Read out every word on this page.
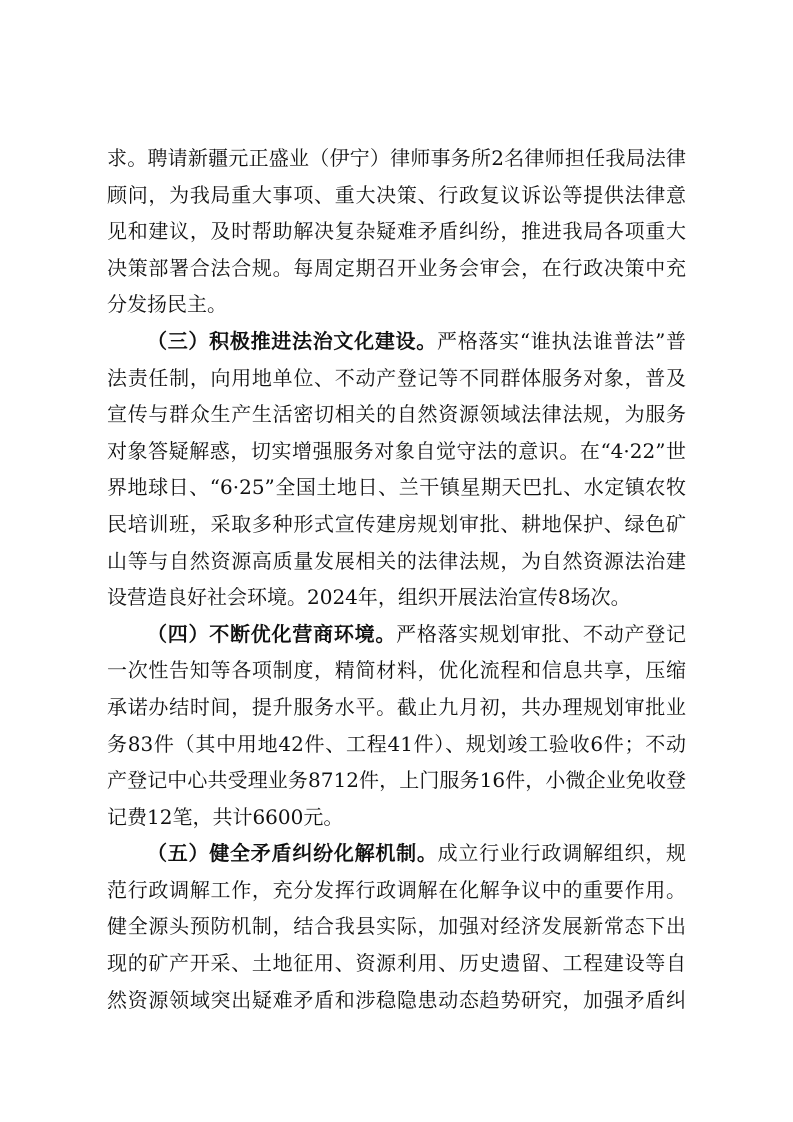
求。聘请新疆元正盛业（伊宁）律师事务所2名律师担任我局法律顾问，为我局重大事项、重大决策、行政复议诉讼等提供法律意见和建议，及时帮助解决复杂疑难矛盾纠纷，推进我局各项重大决策部署合法合规。每周定期召开业务会审会，在行政决策中充分发扬民主。

（三）积极推进法治文化建设。严格落实“谁执法谁普法”普法责任制，向用地单位、不动产登记等不同群体服务对象，普及宣传与群众生产生活密切相关的自然资源领域法律法规，为服务对象答疑解惑，切实增强服务对象自觉守法的意识。在“4·22”世界地球日、“6·25”全国土地日、兰干镇星期天巴扎、水定镇农牧民培训班，采取多种形式宣传建房规划审批、耕地保护、绿色矿山等与自然资源高质量发展相关的法律法规，为自然资源法治建设营造良好社会环境。2024年，组织开展法治宣传8场次。

（四）不断优化营商环境。严格落实规划审批、不动产登记一次性告知等各项制度，精简材料，优化流程和信息共享，压缩承诺办结时间，提升服务水平。截止九月初，共办理规划审批业务83件（其中用地42件、工程41件）、规划竣工验收6件；不动产登记中心共受理业务8712件，上门服务16件，小微企业免收登记费12笔，共计6600元。

（五）健全矛盾纠纷化解机制。成立行业行政调解组织，规范行政调解工作，充分发挥行政调解在化解争议中的重要作用。健全源头预防机制，结合我县实际，加强对经济发展新常态下出现的矿产开采、土地征用、资源利用、历史遗留、工程建设等自然资源领域突出疑难矛盾和涉稳隐患动态趋势研究，加强矛盾纠
